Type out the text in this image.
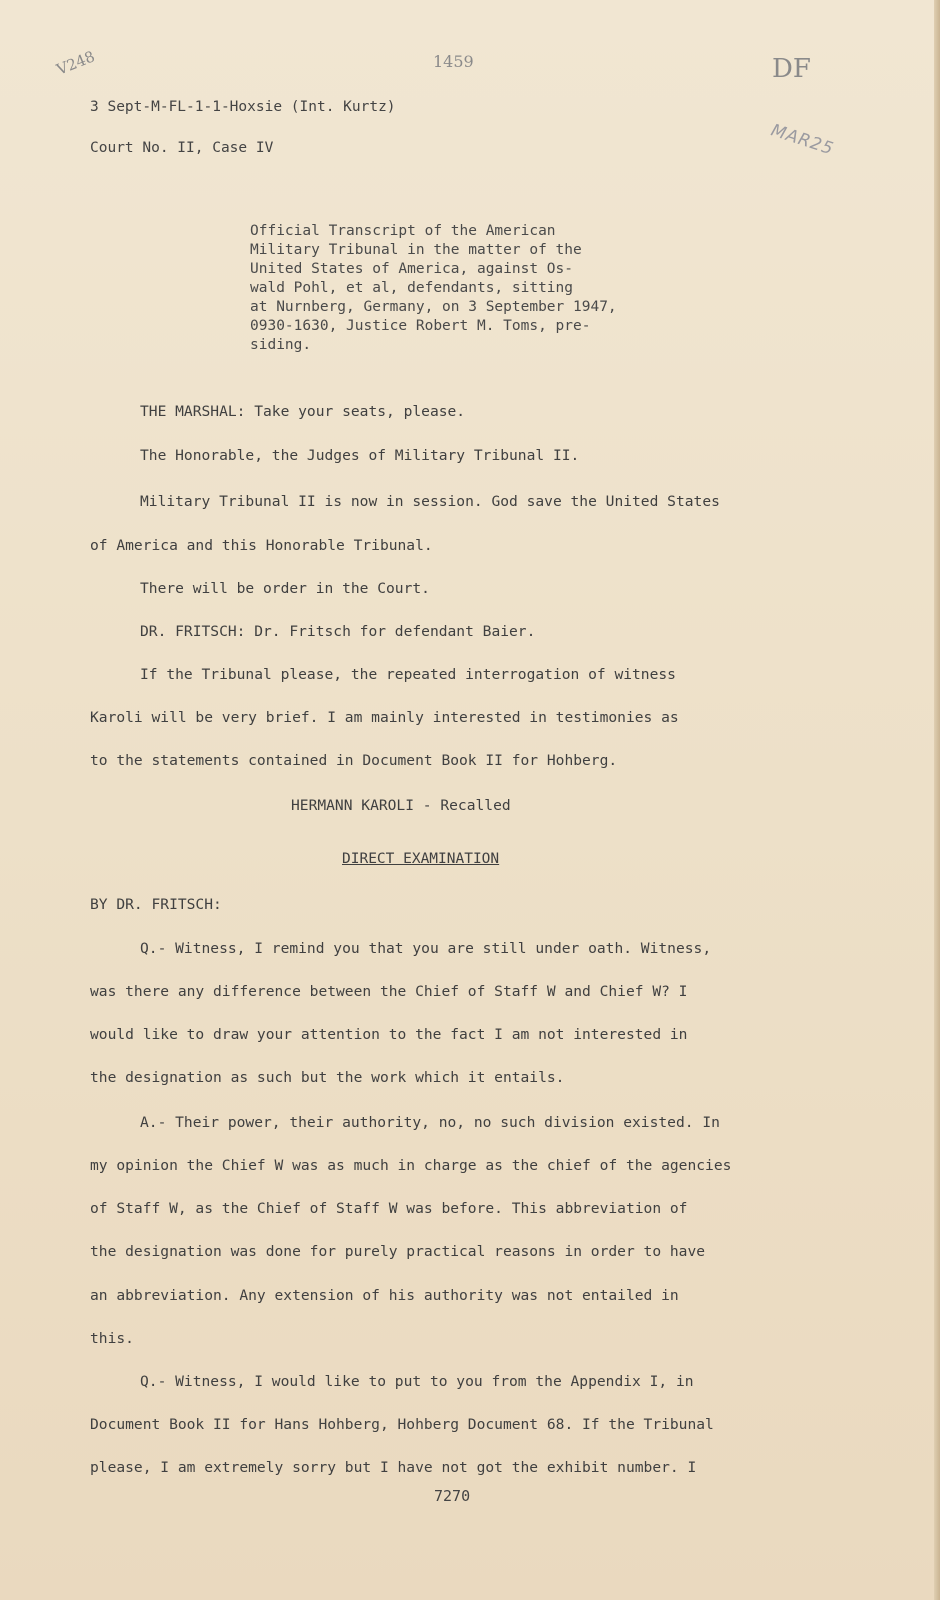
V248	1459	DF
MAR25
3 Sept-M-FL-1-1-Hoxsie (Int. Kurtz)
Court No. II, Case IV
Official Transcript of the American
Military Tribunal in the matter of the
United States of America, against Os-
wald Pohl, et al, defendants, sitting
at Nurnberg, Germany, on 3 September 1947,
0930-1630, Justice Robert M. Toms, pre-
siding.
THE MARSHAL: Take your seats, please.
The Honorable, the Judges of Military Tribunal II.
Military Tribunal II is now in session. God save the United States
of America and this Honorable Tribunal.
There will be order in the Court.
DR. FRITSCH: Dr. Fritsch for defendant Baier.
If the Tribunal please, the repeated interrogation of witness
Karoli will be very brief. I am mainly interested in testimonies as
to the statements contained in Document Book II for Hohberg.
HERMANN KAROLI - Recalled
DIRECT EXAMINATION
BY DR. FRITSCH:
Q.- Witness, I remind you that you are still under oath. Witness,
was there any difference between the Chief of Staff W and Chief W? I
would like to draw your attention to the fact I am not interested in
the designation as such but the work which it entails.
A.- Their power, their authority, no, no such division existed. In
my opinion the Chief W was as much in charge as the chief of the agencies
of Staff W, as the Chief of Staff W was before. This abbreviation of
the designation was done for purely practical reasons in order to have
an abbreviation. Any extension of his authority was not entailed in
this.
Q.- Witness, I would like to put to you from the Appendix I, in
Document Book II for Hans Hohberg, Hohberg Document 68. If the Tribunal
please, I am extremely sorry but I have not got the exhibit number. I
7270
